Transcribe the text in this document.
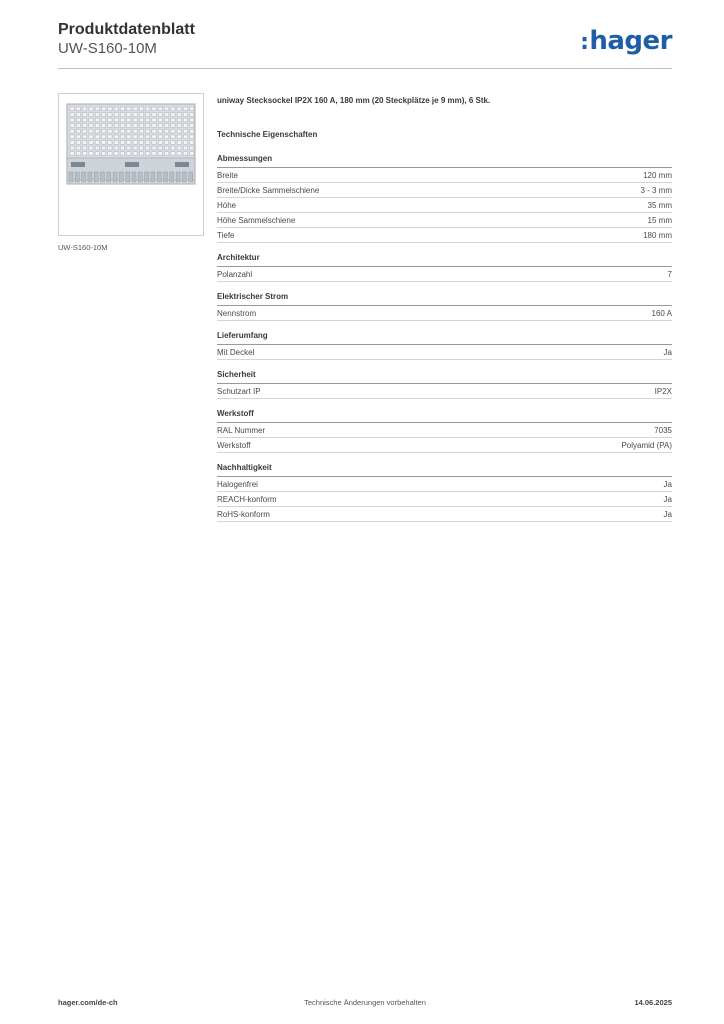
Produktdatenblatt
UW-S160-10M	:hager
UW-S160-10M
uniway Stecksockel IP2X 160 A, 180 mm (20 Steckplätze je 9 mm), 6 Stk.
Technische Eigenschaften
Abmessungen
Breite	120 mm
Breite/Dicke Sammelschiene	3 - 3 mm
Höhe	35 mm
Höhe Sammelschiene	15 mm
Tiefe	180 mm
Architektur
Polanzahl	7
Elektrischer Strom
Nennstrom	160 A
Lieferumfang
Mit Deckel	Ja
Sicherheit
Schutzart IP	IP2X
Werkstoff
RAL Nummer	7035
Werkstoff	Polyamid (PA)
Nachhaltigkeit
Halogenfrei	Ja
REACH-konform	Ja
RoHS-konform	Ja
hager.com/de-ch	Technische Änderungen vorbehalten	14.06.2025
